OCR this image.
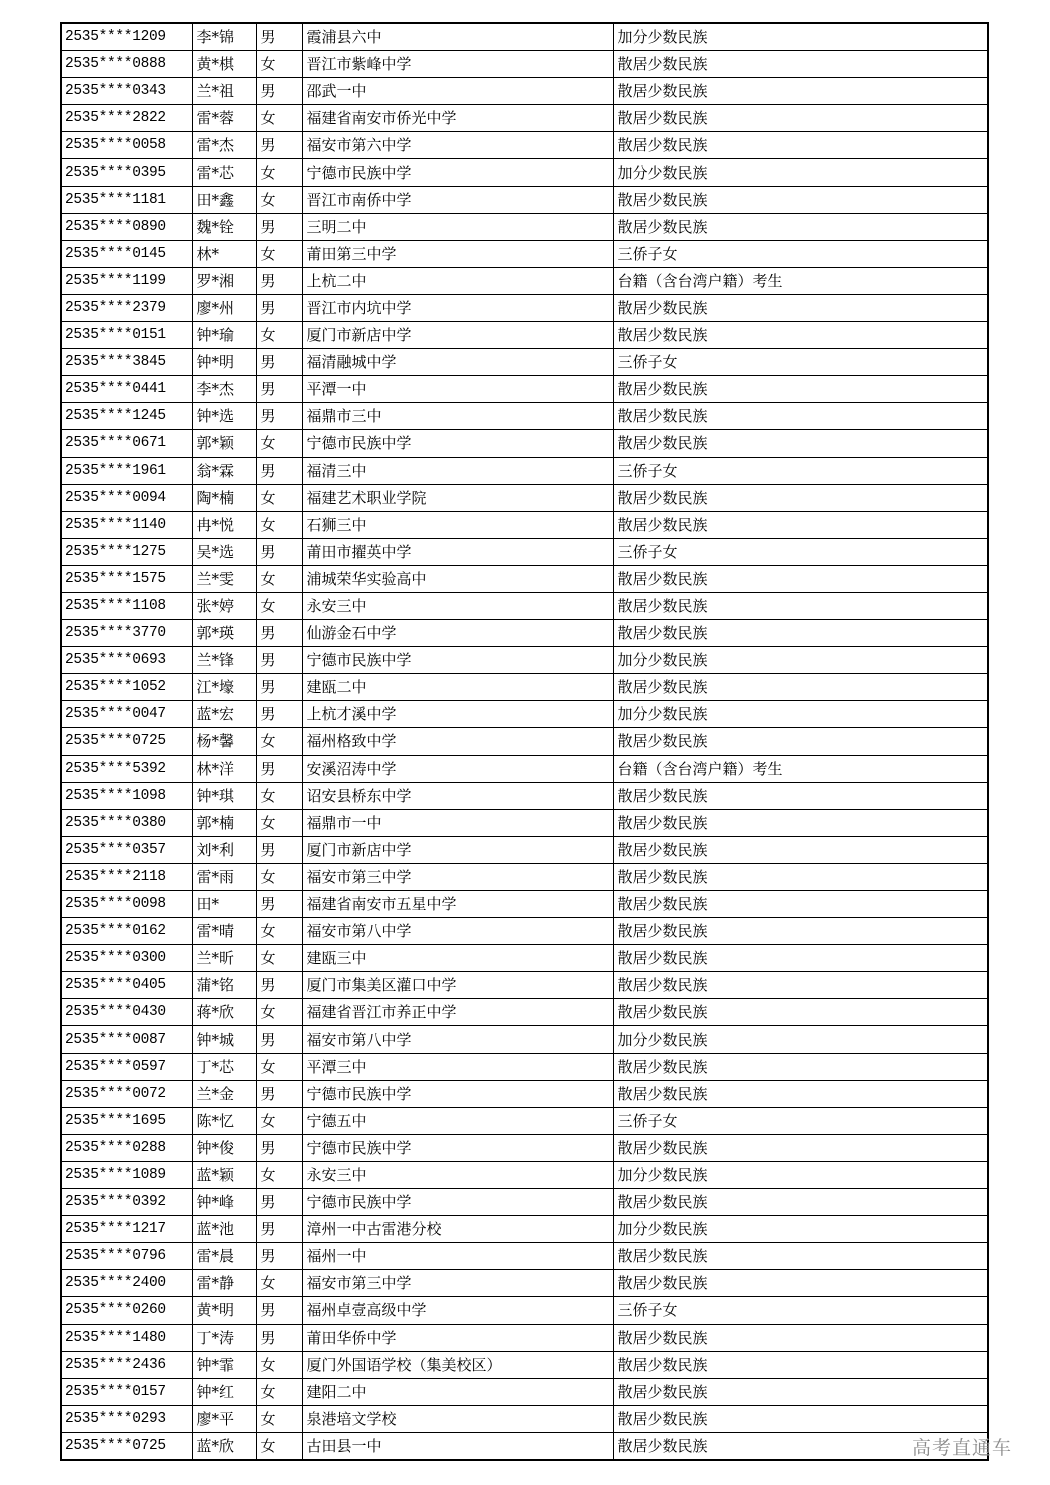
2535****1209	李*锦	男	霞浦县六中	加分少数民族
2535****0888	黄*棋	女	晋江市紫峰中学	散居少数民族
2535****0343	兰*祖	男	邵武一中	散居少数民族
2535****2822	雷*蓉	女	福建省南安市侨光中学	散居少数民族
2535****0058	雷*杰	男	福安市第六中学	散居少数民族
2535****0395	雷*芯	女	宁德市民族中学	加分少数民族
2535****1181	田*鑫	女	晋江市南侨中学	散居少数民族
2535****0890	魏*铨	男	三明二中	散居少数民族
2535****0145	林*	女	莆田第三中学	三侨子女
2535****1199	罗*湘	男	上杭二中	台籍（含台湾户籍）考生
2535****2379	廖*州	男	晋江市内坑中学	散居少数民族
2535****0151	钟*瑜	女	厦门市新店中学	散居少数民族
2535****3845	钟*明	男	福清融城中学	三侨子女
2535****0441	李*杰	男	平潭一中	散居少数民族
2535****1245	钟*选	男	福鼎市三中	散居少数民族
2535****0671	郭*颖	女	宁德市民族中学	散居少数民族
2535****1961	翁*霖	男	福清三中	三侨子女
2535****0094	陶*楠	女	福建艺术职业学院	散居少数民族
2535****1140	冉*悦	女	石狮三中	散居少数民族
2535****1275	吴*选	男	莆田市擢英中学	三侨子女
2535****1575	兰*雯	女	浦城荣华实验高中	散居少数民族
2535****1108	张*婷	女	永安三中	散居少数民族
2535****3770	郭*瑛	男	仙游金石中学	散居少数民族
2535****0693	兰*锋	男	宁德市民族中学	加分少数民族
2535****1052	江*壕	男	建瓯二中	散居少数民族
2535****0047	蓝*宏	男	上杭才溪中学	加分少数民族
2535****0725	杨*馨	女	福州格致中学	散居少数民族
2535****5392	林*洋	男	安溪沼涛中学	台籍（含台湾户籍）考生
2535****1098	钟*琪	女	诏安县桥东中学	散居少数民族
2535****0380	郭*楠	女	福鼎市一中	散居少数民族
2535****0357	刘*利	男	厦门市新店中学	散居少数民族
2535****2118	雷*雨	女	福安市第三中学	散居少数民族
2535****0098	田*	男	福建省南安市五星中学	散居少数民族
2535****0162	雷*晴	女	福安市第八中学	散居少数民族
2535****0300	兰*昕	女	建瓯三中	散居少数民族
2535****0405	蒲*铭	男	厦门市集美区灌口中学	散居少数民族
2535****0430	蒋*欣	女	福建省晋江市养正中学	散居少数民族
2535****0087	钟*城	男	福安市第八中学	加分少数民族
2535****0597	丁*芯	女	平潭三中	散居少数民族
2535****0072	兰*金	男	宁德市民族中学	散居少数民族
2535****1695	陈*忆	女	宁德五中	三侨子女
2535****0288	钟*俊	男	宁德市民族中学	散居少数民族
2535****1089	蓝*颖	女	永安三中	加分少数民族
2535****0392	钟*峰	男	宁德市民族中学	散居少数民族
2535****1217	蓝*池	男	漳州一中古雷港分校	加分少数民族
2535****0796	雷*晨	男	福州一中	散居少数民族
2535****2400	雷*静	女	福安市第三中学	散居少数民族
2535****0260	黄*明	男	福州卓壹高级中学	三侨子女
2535****1480	丁*涛	男	莆田华侨中学	散居少数民族
2535****2436	钟*霏	女	厦门外国语学校（集美校区）	散居少数民族
2535****0157	钟*红	女	建阳二中	散居少数民族
2535****0293	廖*平	女	泉港培文学校	散居少数民族
2535****0725	蓝*欣	女	古田县一中	散居少数民族	高考直通车
